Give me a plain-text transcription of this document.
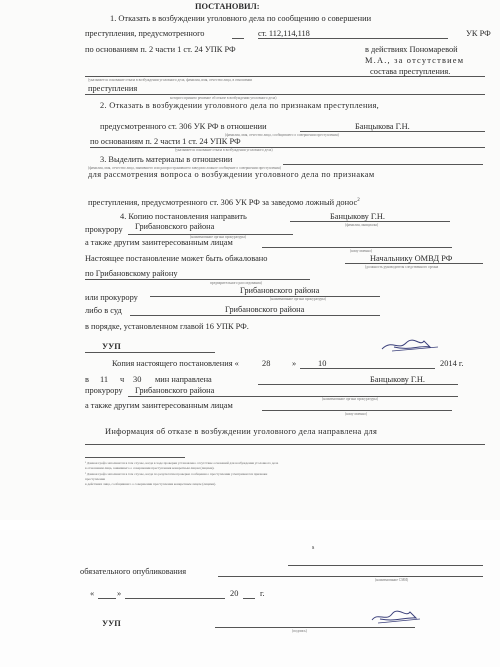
ПОСТАНОВИЛ:
1. Отказать в возбуждении уголовного дела по сообщению о совершении
преступления, предусмотренного	ст. 112,114,118	УК РФ
по основаниям п. 2 части 1 ст. 24 УПК РФ	в действиях Пономаревой
М.А., за отсутствием
состава преступления.
(указывается основание отказа в возбуждении уголовного дела, фамилия, имя, отчество лица, в отношении
преступления
которого принято решение об отказе в возбуждении уголовного дела)
2. Отказать в возбуждении уголовного дела по признакам преступления,
предусмотренного ст. 306 УК РФ в отношении	Банцыкова Г.Н.
(фамилия, имя, отчество лица, сообщившего о совершении преступления)
по основаниям п. 2 части 1 ст. 24 УПК РФ
(указывается основание отказа в возбуждении уголовного дела)
3. Выделить материалы в отношении
(фамилия, имя, отчество лица, заявившего или распространившего заведомо ложное сообщение о совершении преступления)
для рассмотрения вопроса о возбуждении уголовного дела по признакам
преступления, предусмотренного ст. 306 УК РФ за заведомо ложный донос$^2$
4. Копию постановления направить	Банцыкову Г.Н.
(фамилия, инициалы)
прокурору Грибановского района
(наименование органа прокуратуры)
а также другим заинтересованным лицам
(кому именно)
Настоящее постановление может быть обжаловано	Начальнику ОМВД РФ
(должность руководителя следственного органа
по Грибановскому району
предварительного расследования)
или прокурору
Грибановского района
(наименование органа прокуратуры)
либо в суд	Грибановского района
в порядке, установленном главой 16 УПК РФ.
УУП
Копия настоящего постановления «	28	»	10	2014 г.
в 11 ч 30 мин направлена	Банцыкову Г.Н.
прокурору Грибановского района
(наименование органа прокуратуры)
а также другим заинтересованным лицам
(кому именно)
Информация об отказе в возбуждении уголовного дела направлена для
¹ Данная графа заполняется в том случае, когда в ходе проверки установлено отсутствие оснований для возбуждения уголовного дела
в отношении лица, заявившего о совершении преступления конкретным лицом (лицами).
² Данная графа заполняется в том случае, когда по результатам проверки сообщения о преступлении усматриваются признаки
преступления
в действиях лица, сообщившего о совершении преступления конкретным лицом (лицами).
s
обязательного опубликования
(наименование СМИ)
«	»	20	г.
УУП
(подпись)
